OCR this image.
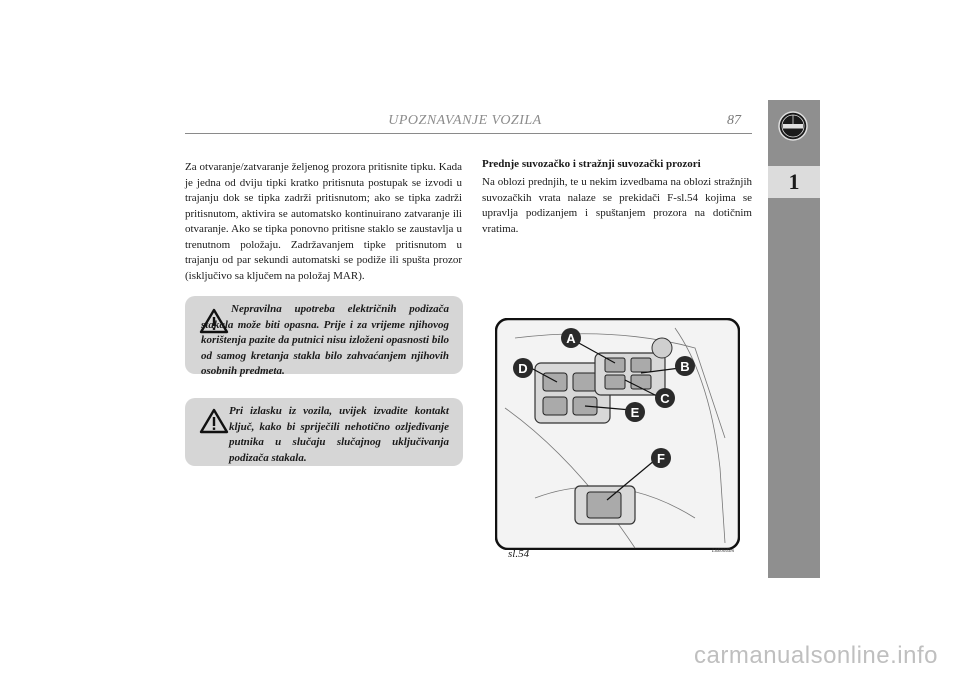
UPOZNAVANJE VOZILA	87
1

Za otvaranje/zatvaranje željenog prozora pritisnite tipku. Kada je jedna od dviju tipki kratko pritisnuta postupak se izvodi u trajanju dok se tipka zadrži pritisnutom; ako se tipka zadrži pritisnutom, aktivira se automatsko kontinuirano zatvaranje ili otvaranje. Ako se tipka ponovno pritisne staklo se zaustavlja u trenutnom položaju. Zadržavanjem tipke pritisnutom u trajanju od par sekundi automatski se podiže ili spušta prozor (isključivo sa ključem na položaj MAR).

Nepravilna upotreba električnih podizača stakala može biti opasna. Prije i za vrijeme njihovog korištenja pazite da putnici nisu izloženi opasnosti bilo od samog kretanja stakla bilo zahvaćanjem njihovih osobnih predmeta.

Pri izlasku iz vozila, uvijek izvadite kontakt ključ, kako bi spriječili nehotično ozljeđivanje putnika u slučaju slučajnog uključivanja podizača stakala.

Prednje suvozačko i stražnji suvozački prozori

Na oblozi prednjih, te u nekim izvedbama na oblozi stražnjih suvozačkih vrata nalaze se prekidači F-sl.54 kojima se upravlja podizanjem i spuštanjem prozora na dotičnim vratima.

A
B
C
D
E
F
sl.54	L0E0045m
carmanualsonline.info
